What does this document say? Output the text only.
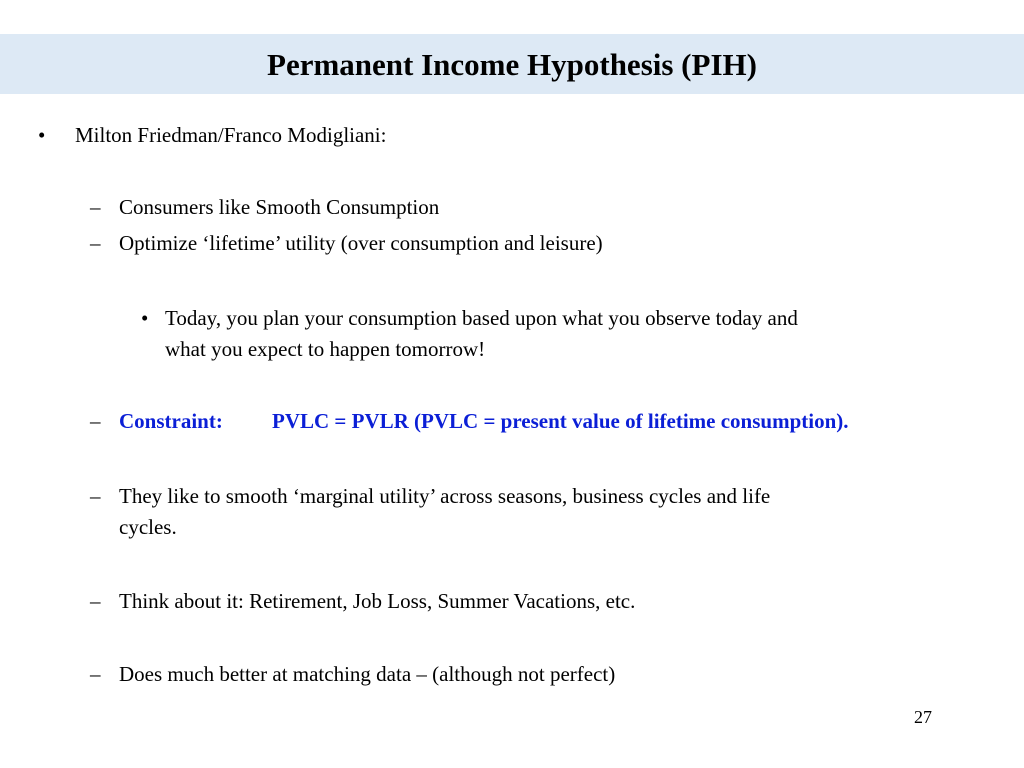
Permanent Income Hypothesis (PIH)
• Milton Friedman/Franco Modigliani:
– Consumers like Smooth Consumption
– Optimize ‘lifetime’ utility (over consumption and leisure)
• Today, you plan your consumption based upon what you observe today and
what you expect to happen tomorrow!
– Constraint: PVLC = PVLR (PVLC = present value of lifetime consumption).
– They like to smooth ‘marginal utility’ across seasons, business cycles and life
cycles.
– Think about it: Retirement, Job Loss, Summer Vacations, etc.
– Does much better at matching data – (although not perfect)
27
